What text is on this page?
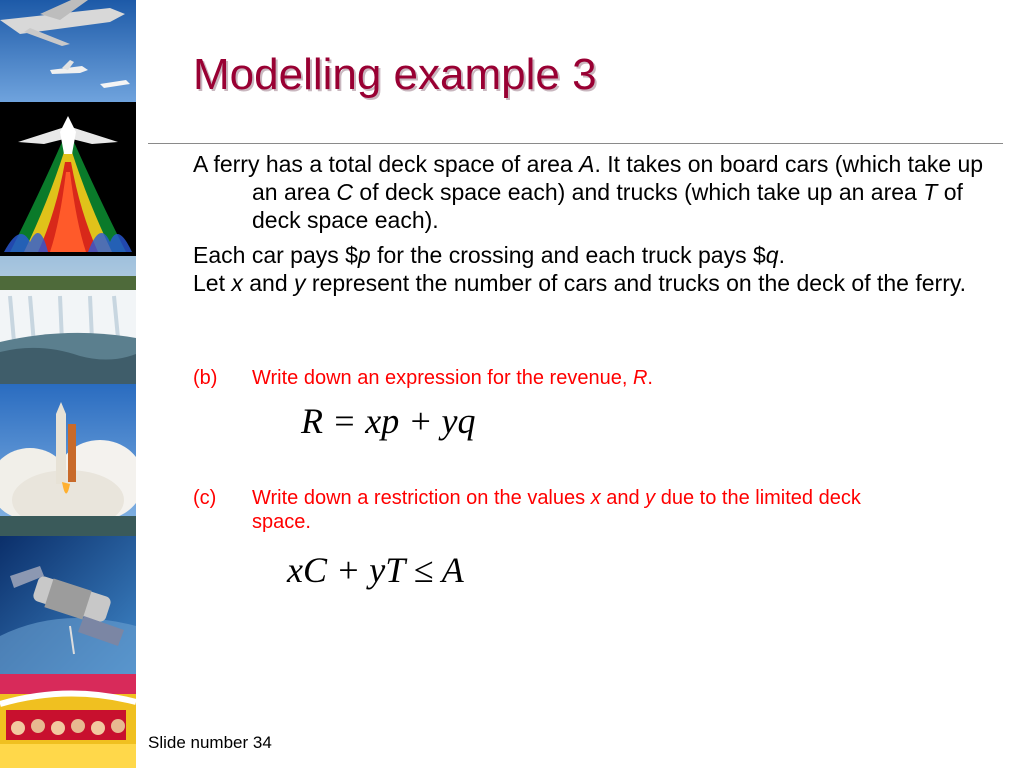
Modelling example 3

A ferry has a total deck space of area A. It takes on board cars (which take up an area C of deck space each) and trucks (which take up an area T of deck space each).

Each car pays $p for the crossing and each truck pays $q.

Let x and y represent the number of cars and trucks on the deck of the ferry.

(b) Write down an expression for the revenue, R.
R = xp + yq
(c) Write down a restriction on the values x and y due to the limited deck space.
xC + yT ≤ A
Slide number 34
